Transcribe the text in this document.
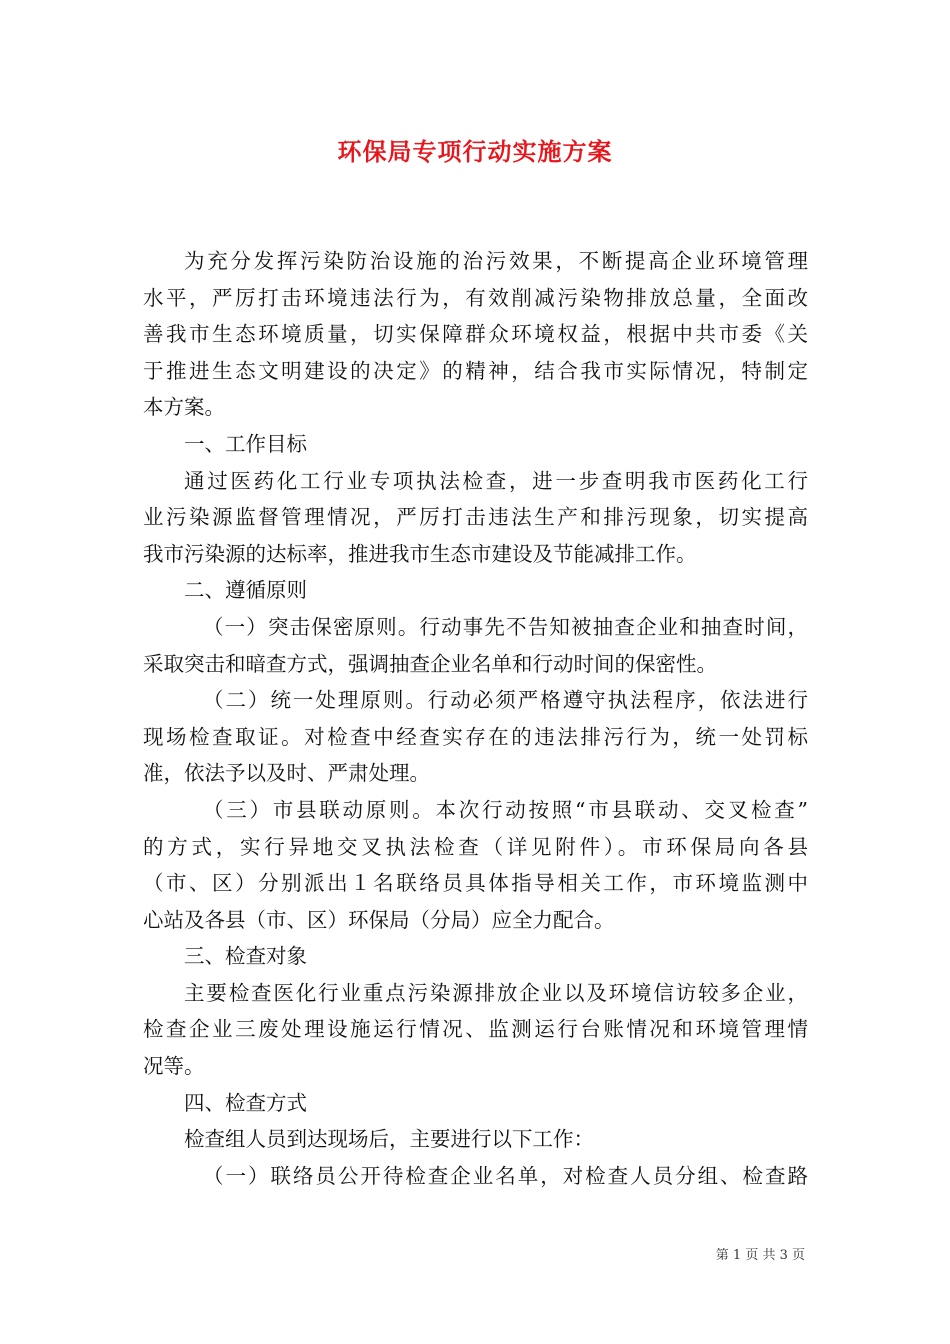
环保局专项行动实施方案
为充分发挥污染防治设施的治污效果，不断提高企业环境管理
水平，严厉打击环境违法行为，有效削减污染物排放总量，全面改
善我市生态环境质量，切实保障群众环境权益，根据中共市委《关
于推进生态文明建设的决定》的精神，结合我市实际情况，特制定
本方案。
一、工作目标
通过医药化工行业专项执法检查，进一步查明我市医药化工行
业污染源监督管理情况，严厉打击违法生产和排污现象，切实提高
我市污染源的达标率，推进我市生态市建设及节能减排工作。
二、遵循原则
（一）突击保密原则。行动事先不告知被抽查企业和抽查时间，
采取突击和暗查方式，强调抽查企业名单和行动时间的保密性。
（二）统一处理原则。行动必须严格遵守执法程序，依法进行
现场检查取证。对检查中经查实存在的违法排污行为，统一处罚标
准，依法予以及时、严肃处理。
（三）市县联动原则。本次行动按照“市县联动、交叉检查”
的方式，实行异地交叉执法检查（详见附件）。市环保局向各县
（市、区）分别派出１名联络员具体指导相关工作，市环境监测中
心站及各县（市、区）环保局（分局）应全力配合。
三、检查对象
主要检查医化行业重点污染源排放企业以及环境信访较多企业，
检查企业三废处理设施运行情况、监测运行台账情况和环境管理情
况等。
四、检查方式
检查组人员到达现场后，主要进行以下工作：
（一）联络员公开待检查企业名单，对检查人员分组、检查路
第 1 页 共 3 页
